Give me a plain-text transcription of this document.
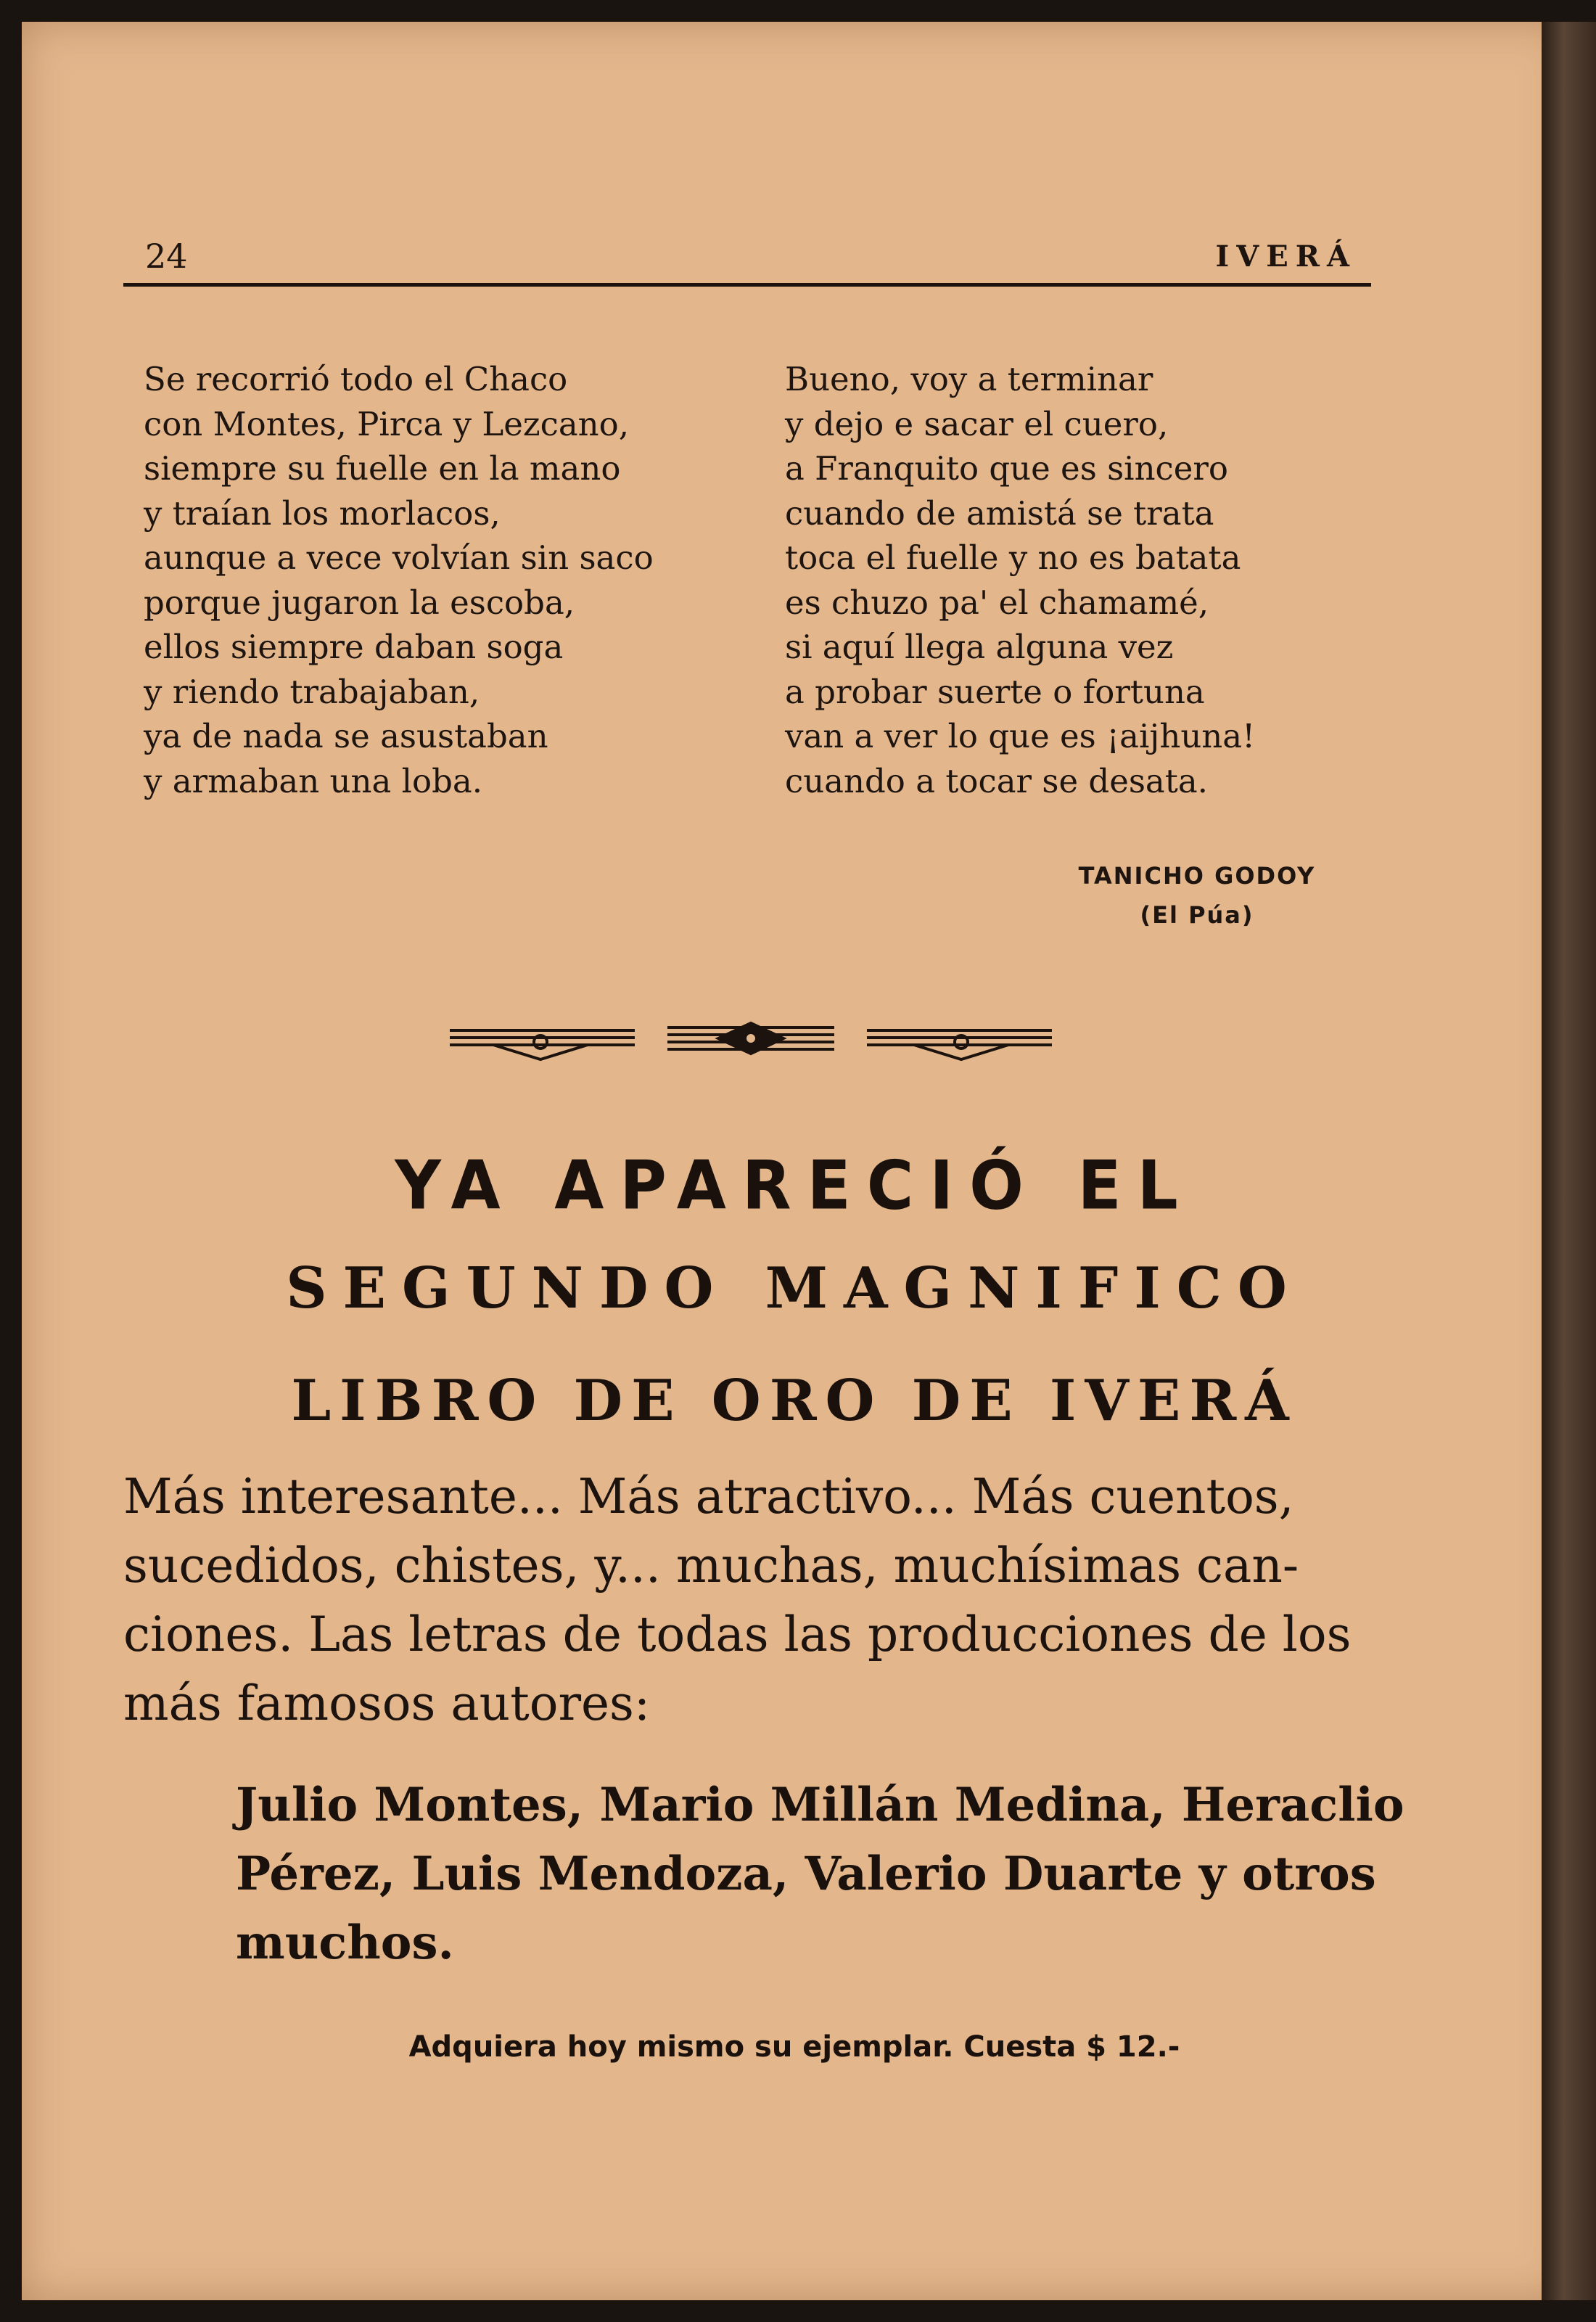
24	IVERÁ
Se recorrió todo el Chaco
con Montes, Pirca y Lezcano,
siempre su fuelle en la mano
y traían los morlacos,
aunque a vece volvían sin saco
porque jugaron la escoba,
ellos siempre daban soga
y riendo trabajaban,
ya de nada se asustaban
y armaban una loba.
Bueno, voy a terminar
y dejo e sacar el cuero,
a Franquito que es sincero
cuando de amistá se trata
toca el fuelle y no es batata
es chuzo pa' el chamamé,
si aquí llega alguna vez
a probar suerte o fortuna
van a ver lo que es ¡aijhuna!
cuando a tocar se desata.
TANICHO GODOY
(El Púa)
YA APARECIÓ EL
SEGUNDO MAGNIFICO
LIBRO DE ORO DE IVERÁ
Más interesante... Más atractivo... Más cuentos,
sucedidos, chistes, y... muchas, muchísimas can-
ciones. Las letras de todas las producciones de los
más famosos autores:
Julio Montes, Mario Millán Medina, Heraclio
Pérez, Luis Mendoza, Valerio Duarte y otros
muchos.
Adquiera hoy mismo su ejemplar. Cuesta $ 12.-
